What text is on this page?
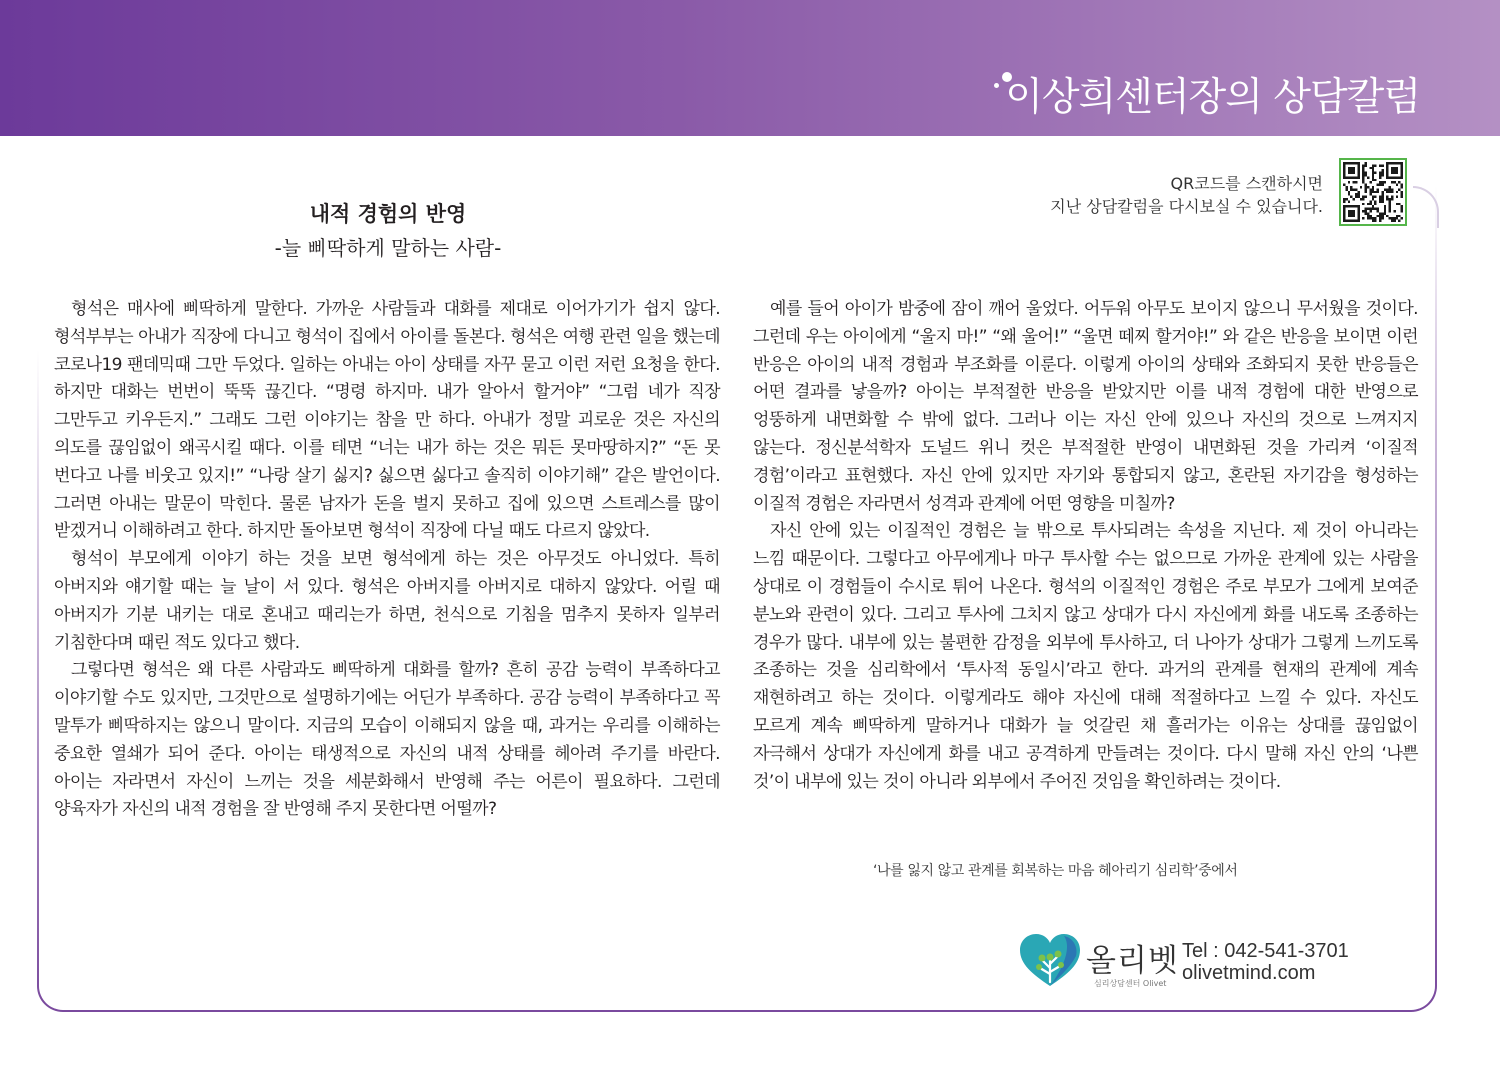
이상희센터장의 상담칼럼
내적 경험의 반영
-늘 삐딱하게 말하는 사람-
QR코드를 스캔하시면
지난 상담칼럼을 다시보실 수 있습니다.

형석은 매사에 삐딱하게 말한다. 가까운 사람들과 대화를 제대로 이어가기가 쉽지 않다. 형석부부는 아내가 직장에 다니고 형석이 집에서 아이를 돌본다. 형석은 여행 관련 일을 했는데 코로나19 팬데믹때 그만 두었다. 일하는 아내는 아이 상태를 자꾸 묻고 이런 저런 요청을 한다. 하지만 대화는 번번이 뚝뚝 끊긴다. “명령 하지마. 내가 알아서 할거야” “그럼 네가 직장 그만두고 키우든지.” 그래도 그런 이야기는 참을 만 하다. 아내가 정말 괴로운 것은 자신의 의도를 끊임없이 왜곡시킬 때다. 이를 테면 “너는 내가 하는 것은 뭐든 못마땅하지?” “돈 못 번다고 나를 비웃고 있지!” “나랑 살기 싫지? 싫으면 싫다고 솔직히 이야기해” 같은 발언이다. 그러면 아내는 말문이 막힌다. 물론 남자가 돈을 벌지 못하고 집에 있으면 스트레스를 많이 받겠거니 이해하려고 한다. 하지만 돌아보면 형석이 직장에 다닐 때도 다르지 않았다.

형석이 부모에게 이야기 하는 것을 보면 형석에게 하는 것은 아무것도 아니었다. 특히 아버지와 얘기할 때는 늘 날이 서 있다. 형석은 아버지를 아버지로 대하지 않았다. 어릴 때 아버지가 기분 내키는 대로 혼내고 때리는가 하면, 천식으로 기침을 멈추지 못하자 일부러 기침한다며 때린 적도 있다고 했다.

그렇다면 형석은 왜 다른 사람과도 삐딱하게 대화를 할까? 흔히 공감 능력이 부족하다고 이야기할 수도 있지만, 그것만으로 설명하기에는 어딘가 부족하다. 공감 능력이 부족하다고 꼭 말투가 삐딱하지는 않으니 말이다. 지금의 모습이 이해되지 않을 때, 과거는 우리를 이해하는 중요한 열쇄가 되어 준다. 아이는 태생적으로 자신의 내적 상태를 헤아려 주기를 바란다. 아이는 자라면서 자신이 느끼는 것을 세분화해서 반영해 주는 어른이 필요하다. 그런데 양육자가 자신의 내적 경험을 잘 반영해 주지 못한다면 어떨까?

예를 들어 아이가 밤중에 잠이 깨어 울었다. 어두워 아무도 보이지 않으니 무서웠을 것이다. 그런데 우는 아이에게 “울지 마!” “왜 울어!” “울면 떼찌 할거야!” 와 같은 반응을 보이면 이런 반응은 아이의 내적 경험과 부조화를 이룬다. 이렇게 아이의 상태와 조화되지 못한 반응들은 어떤 결과를 낳을까? 아이는 부적절한 반응을 받았지만 이를 내적 경험에 대한 반영으로 엉뚱하게 내면화할 수 밖에 없다. 그러나 이는 자신 안에 있으나 자신의 것으로 느껴지지 않는다. 정신분석학자 도널드 위니 컷은 부적절한 반영이 내면화된 것을 가리켜 ‘이질적 경험’이라고 표현했다. 자신 안에 있지만 자기와 통합되지 않고, 혼란된 자기감을 형성하는 이질적 경험은 자라면서 성격과 관계에 어떤 영향을 미칠까?

자신 안에 있는 이질적인 경험은 늘 밖으로 투사되려는 속성을 지닌다. 제 것이 아니라는 느낌 때문이다. 그렇다고 아무에게나 마구 투사할 수는 없으므로 가까운 관계에 있는 사람을 상대로 이 경험들이 수시로 튀어 나온다. 형석의 이질적인 경험은 주로 부모가 그에게 보여준 분노와 관련이 있다. 그리고 투사에 그치지 않고 상대가 다시 자신에게 화를 내도록 조종하는 경우가 많다. 내부에 있는 불편한 감정을 외부에 투사하고, 더 나아가 상대가 그렇게 느끼도록 조종하는 것을 심리학에서 ‘투사적 동일시’라고 한다. 과거의 관계를 현재의 관계에 계속 재현하려고 하는 것이다. 이렇게라도 해야 자신에 대해 적절하다고 느낄 수 있다. 자신도 모르게 계속 삐딱하게 말하거나 대화가 늘 엇갈린 채 흘러가는 이유는 상대를 끊임없이 자극해서 상대가 자신에게 화를 내고 공격하게 만들려는 것이다. 다시 말해 자신 안의 ‘나쁜 것’이 내부에 있는 것이 아니라 외부에서 주어진 것임을 확인하려는 것이다.

‘나를 잃지 않고 관계를 회복하는 마음 헤아리기 심리학’중에서
올리벳
심리상담센터 Olivet
Tel : 042-541-3701
olivetmind.com
